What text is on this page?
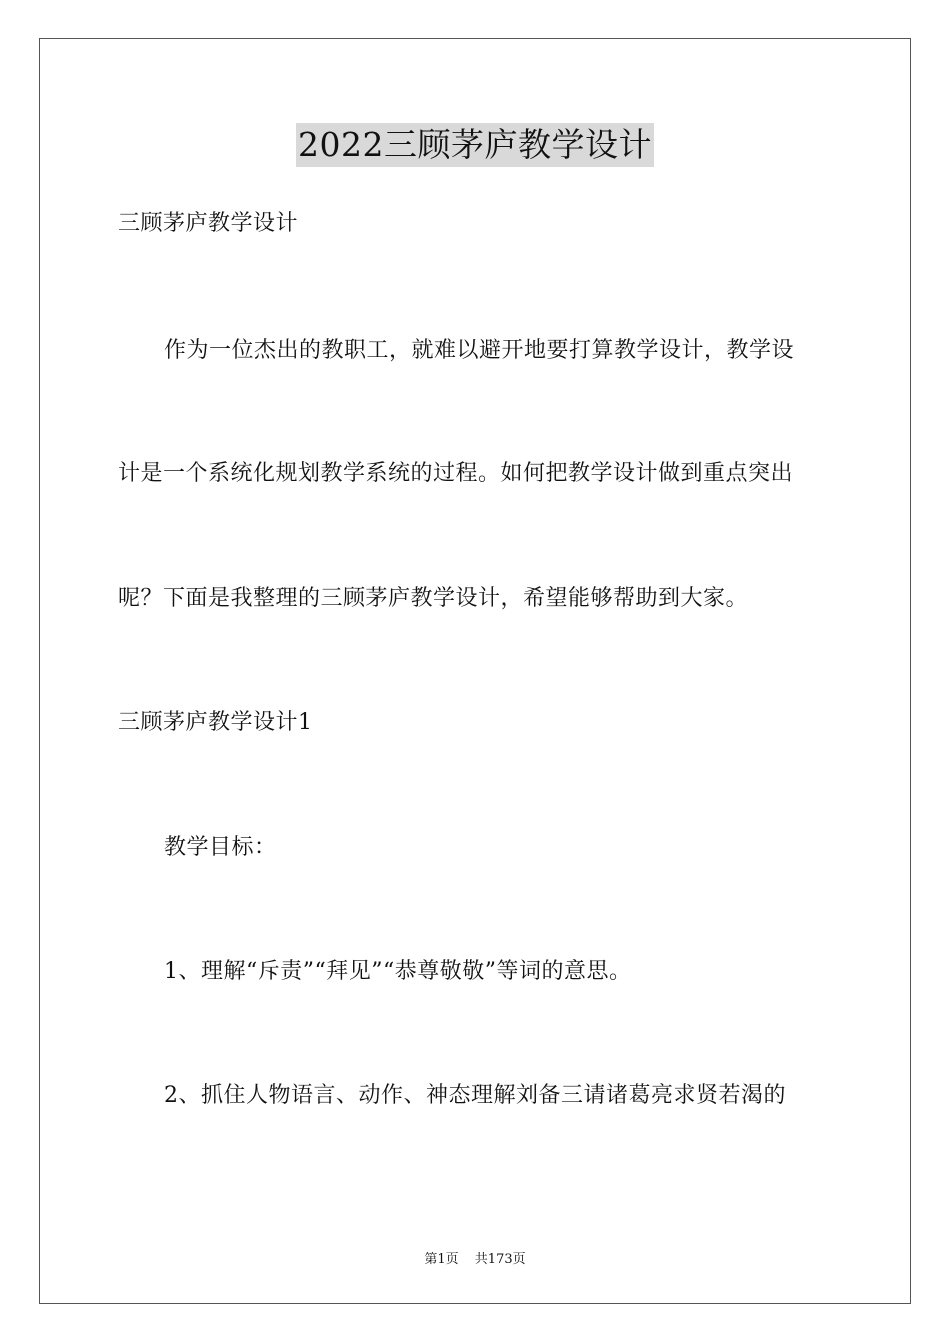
2022三顾茅庐教学设计
三顾茅庐教学设计
作为一位杰出的教职工，就难以避开地要打算教学设计，教学设
计是一个系统化规划教学系统的过程。如何把教学设计做到重点突出
呢？下面是我整理的三顾茅庐教学设计，希望能够帮助到大家。
三顾茅庐教学设计1
教学目标：
1、理解“斥责”“拜见”“恭尊敬敬”等词的意思。
2、抓住人物语言、动作、神态理解刘备三请诸葛亮求贤若渴的
第1页 共173页
